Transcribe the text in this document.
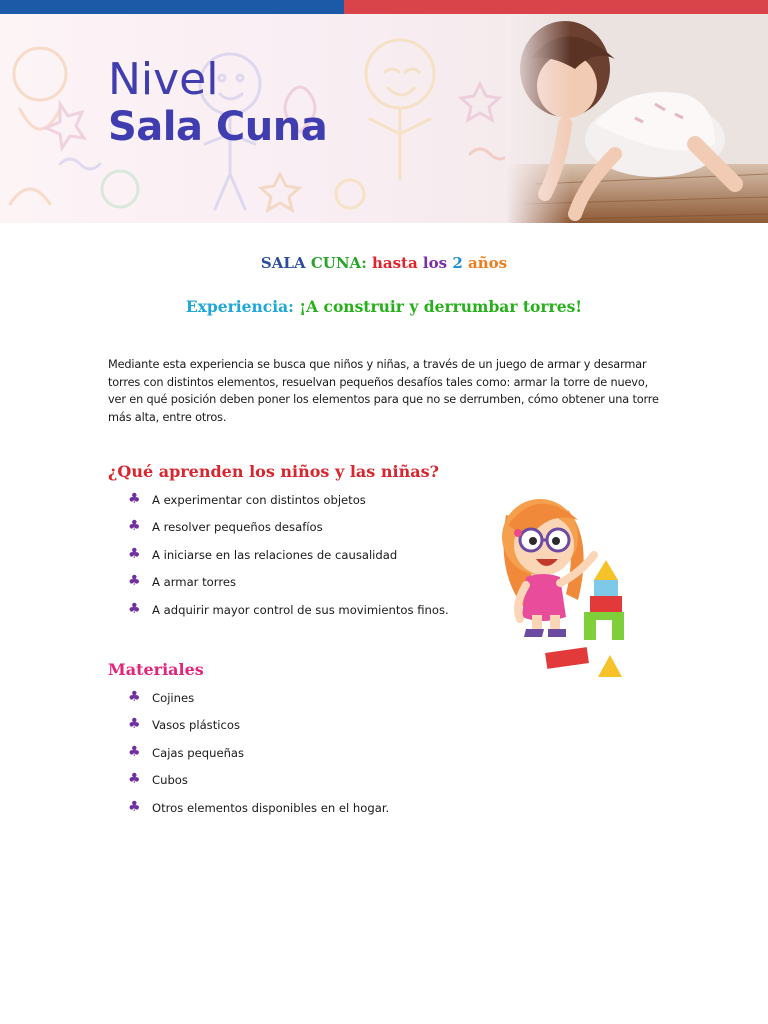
Nivel
Sala Cuna
SALA CUNA: hasta los 2 años
Experiencia: ¡A construir y derrumbar torres!

Mediante esta experiencia se busca que niños y niñas, a través de un juego de armar y desarmar torres con distintos elementos, resuelvan pequeños desafíos tales como: armar la torre de nuevo, ver en qué posición deben poner los elementos para que no se derrumben, cómo obtener una torre más alta, entre otros.

¿Qué aprenden los niños y las niñas?
♣ A experimentar con distintos objetos
♣ A resolver pequeños desafíos
♣ A iniciarse en las relaciones de causalidad
♣ A armar torres
♣ A adquirir mayor control de sus movimientos finos.
Materiales
♣ Cojines
♣ Vasos plásticos
♣ Cajas pequeñas
♣ Cubos
♣ Otros elementos disponibles en el hogar.
